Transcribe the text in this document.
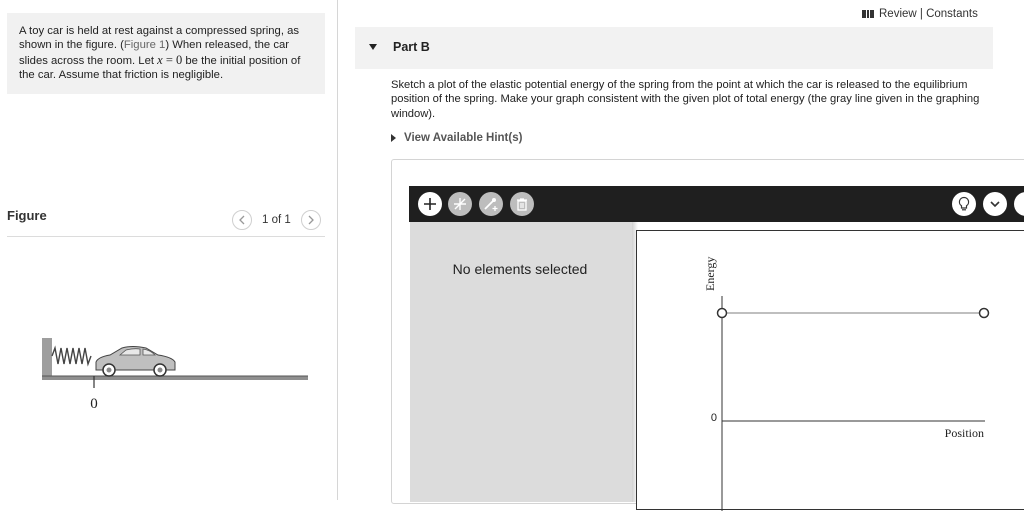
A toy car is held at rest against a compressed spring, as shown in the figure. (Figure 1) When released, the car slides across the room. Let x = 0 be the initial position of the car. Assume that friction is negligible.
Figure	1 of 1
0
Review | Constants
Part B
Sketch a plot of the elastic potential energy of the spring from the point at which the car is released to the equilibrium position of the spring. Make your graph consistent with the given plot of total energy (the gray line given in the graphing window).
View Available Hint(s)
No elements selected
0
Energy
Position
